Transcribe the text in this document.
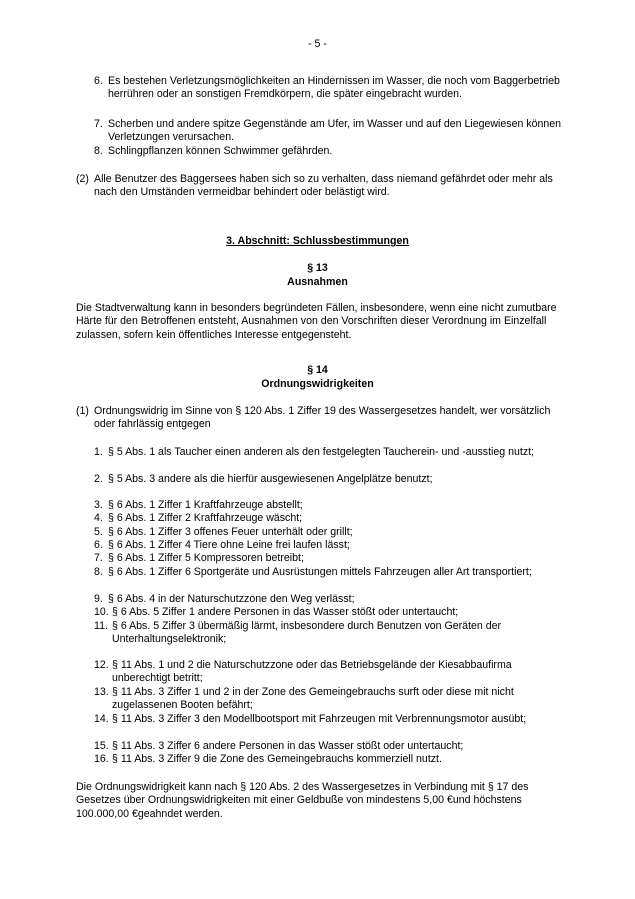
- 5 -
6. Es bestehen Verletzungsmöglichkeiten an Hindernissen im Wasser, die noch vom Baggerbetrieb herrühren oder an sonstigen Fremdkörpern, die später eingebracht wurden.
7. Scherben und andere spitze Gegenstände am Ufer, im Wasser und auf den Liegewiesen können Verletzungen verursachen.
8. Schlingpflanzen können Schwimmer gefährden.
(2) Alle Benutzer des Baggersees haben sich so zu verhalten, dass niemand gefährdet oder mehr als nach den Umständen vermeidbar behindert oder belästigt wird.
3. Abschnitt: Schlussbestimmungen
§ 13
Ausnahmen
Die Stadtverwaltung kann in besonders begründeten Fällen, insbesondere, wenn eine nicht zumutbare Härte für den Betroffenen entsteht, Ausnahmen von den Vorschriften dieser Verordnung im Einzelfall zulassen, sofern kein öffentliches Interesse entgegensteht.
§ 14
Ordnungswidrigkeiten
(1) Ordnungswidrig im Sinne von § 120 Abs. 1 Ziffer 19 des Wassergesetzes handelt, wer vorsätzlich oder fahrlässig entgegen
1. § 5 Abs. 1 als Taucher einen anderen als den festgelegten Taucherein- und -ausstieg nutzt;
2. § 5 Abs. 3 andere als die hierfür ausgewiesenen Angelplätze benutzt;
3. § 6 Abs. 1 Ziffer 1 Kraftfahrzeuge abstellt;
4. § 6 Abs. 1 Ziffer 2 Kraftfahrzeuge wäscht;
5. § 6 Abs. 1 Ziffer 3 offenes Feuer unterhält oder grillt;
6. § 6 Abs. 1 Ziffer 4 Tiere ohne Leine frei laufen lässt;
7. § 6 Abs. 1 Ziffer 5 Kompressoren betreibt;
8. § 6 Abs. 1 Ziffer 6 Sportgeräte und Ausrüstungen mittels Fahrzeugen aller Art transportiert;
9. § 6 Abs. 4 in der Naturschutzzone den Weg verlässt;
10. § 6 Abs. 5 Ziffer 1 andere Personen in das Wasser stößt oder untertaucht;
11. § 6 Abs. 5 Ziffer 3 übermäßig lärmt, insbesondere durch Benutzen von Geräten der Unterhaltungselektronik;
12. § 11 Abs. 1 und 2 die Naturschutzzone oder das Betriebsgelände der Kiesabbaufirma unberechtigt betritt;
13. § 11 Abs. 3 Ziffer 1 und 2 in der Zone des Gemeingebrauchs surft oder diese mit nicht zugelassenen Booten befährt;
14. § 11 Abs. 3 Ziffer 3 den Modellbootsport mit Fahrzeugen mit Verbrennungsmotor ausübt;
15. § 11 Abs. 3 Ziffer 6 andere Personen in das Wasser stößt oder untertaucht;
16. § 11 Abs. 3 Ziffer 9 die Zone des Gemeingebrauchs kommerziell nutzt.
Die Ordnungswidrigkeit kann nach § 120 Abs. 2 des Wassergesetzes in Verbindung mit § 17 des Gesetzes über Ordnungswidrigkeiten mit einer Geldbuße von mindestens 5,00 €und höchstens 100.000,00 €geahndet werden.
